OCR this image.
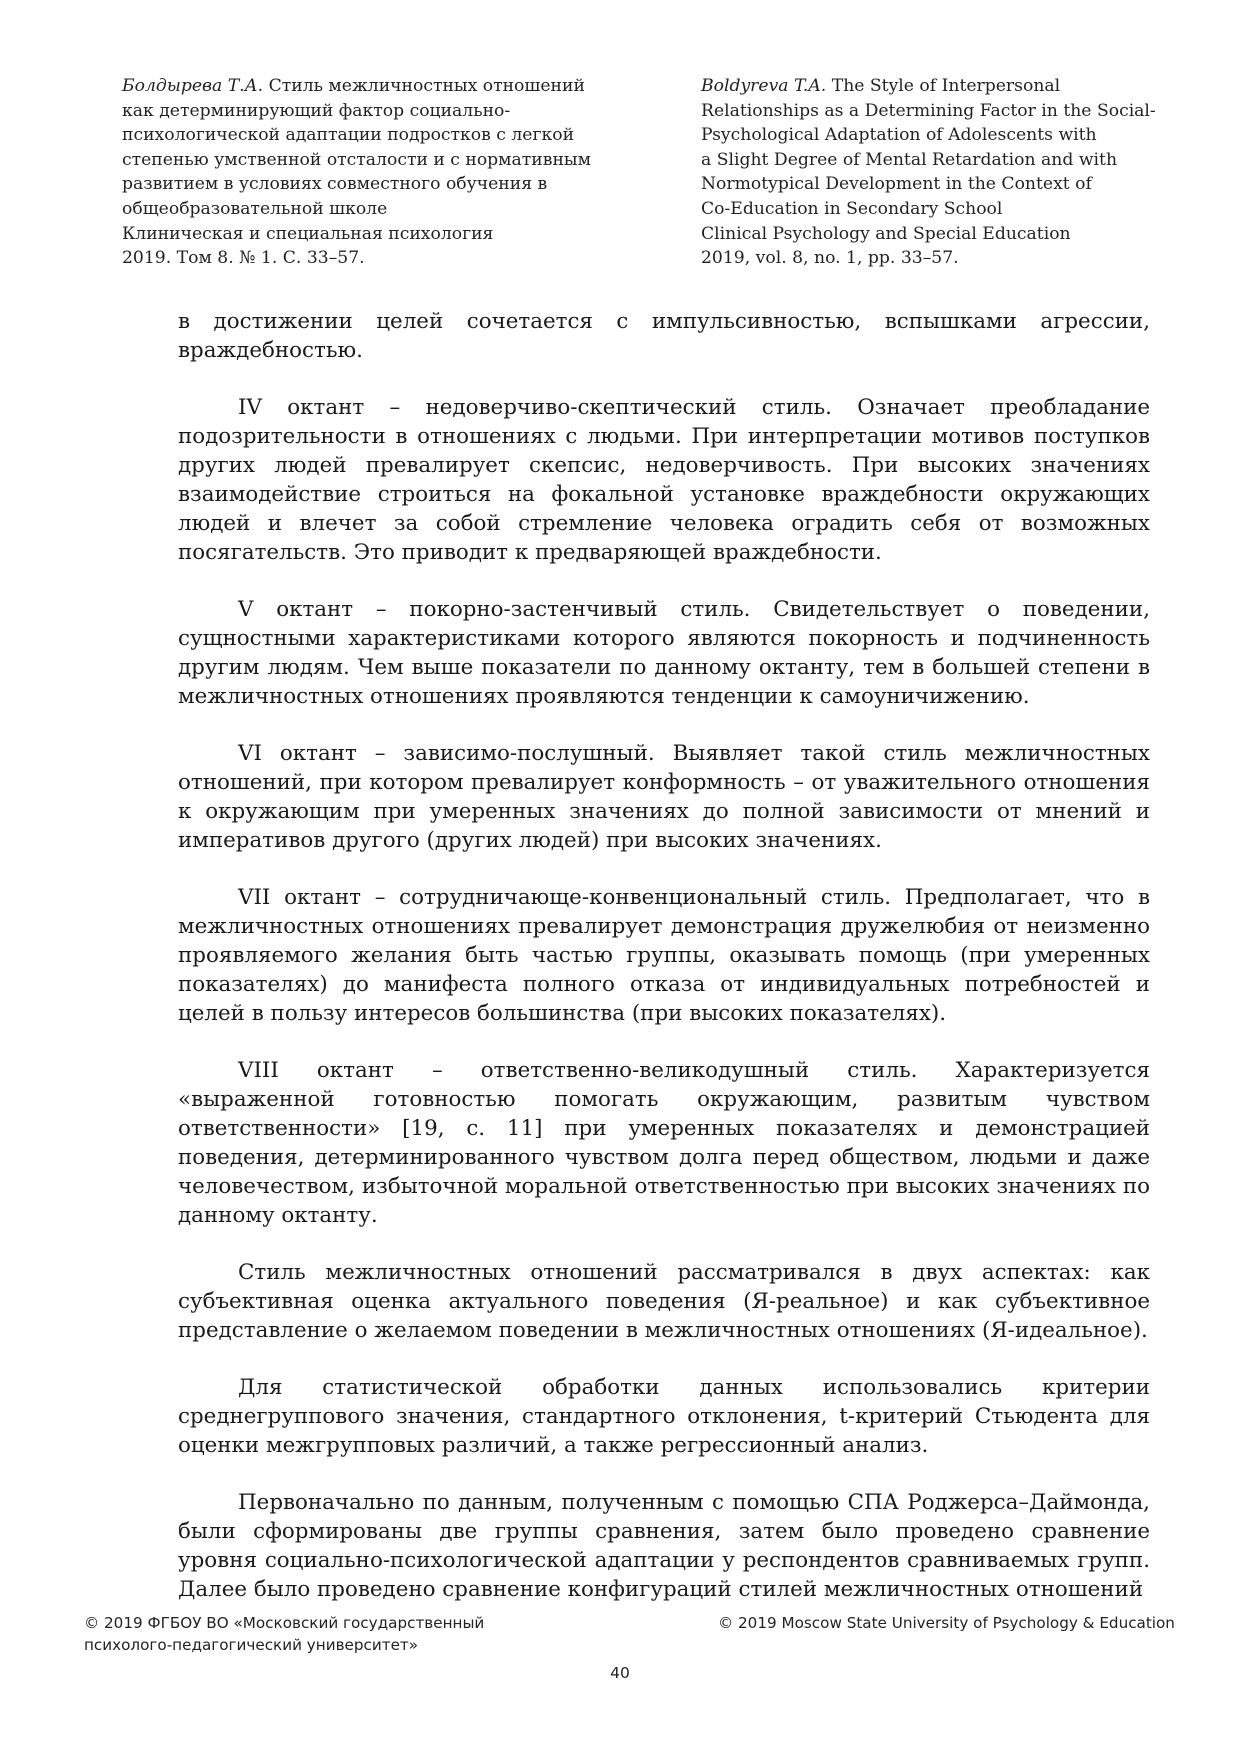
Болдырева Т.А. Стиль межличностных отношений
как детерминирующий фактор социально-
психологической адаптации подростков с легкой
степенью умственной отсталости и с нормативным
развитием в условиях совместного обучения в
общеобразовательной школе
Клиническая и специальная психология
2019. Том 8. № 1. С. 33–57.
Boldyreva T.A. The Style of Interpersonal
Relationships as a Determining Factor in the Social-
Psychological Adaptation of Adolescents with
a Slight Degree of Mental Retardation and with
Normotypical Development in the Context of
Co-Education in Secondary School
Clinical Psychology and Special Education
2019, vol. 8, no. 1, pp. 33–57.

в достижении целей сочетается с импульсивностью, вспышками агрессии, враждебностью.

IV октант – недоверчиво-скептический стиль. Означает преобладание подозрительности в отношениях с людьми. При интерпретации мотивов поступков других людей превалирует скепсис, недоверчивость. При высоких значениях взаимодействие строиться на фокальной установке враждебности окружающих людей и влечет за собой стремление человека оградить себя от возможных посягательств. Это приводит к предваряющей враждебности.

V октант – покорно-застенчивый стиль. Свидетельствует о поведении, сущностными характеристиками которого являются покорность и подчиненность другим людям. Чем выше показатели по данному октанту, тем в большей степени в межличностных отношениях проявляются тенденции к самоуничижению.

VI октант – зависимо-послушный. Выявляет такой стиль межличностных отношений, при котором превалирует конформность – от уважительного отношения к окружающим при умеренных значениях до полной зависимости от мнений и императивов другого (других людей) при высоких значениях.

VII октант – сотрудничающе-конвенциональный стиль. Предполагает, что в межличностных отношениях превалирует демонстрация дружелюбия от неизменно проявляемого желания быть частью группы, оказывать помощь (при умеренных показателях) до манифеста полного отказа от индивидуальных потребностей и целей в пользу интересов большинства (при высоких показателях).

VIII октант – ответственно-великодушный стиль. Характеризуется «выраженной готовностью помогать окружающим, развитым чувством ответственности» [19, с. 11] при умеренных показателях и демонстрацией поведения, детерминированного чувством долга перед обществом, людьми и даже человечеством, избыточной моральной ответственностью при высоких значениях по данному октанту.

Стиль межличностных отношений рассматривался в двух аспектах: как субъективная оценка актуального поведения (Я-реальное) и как субъективное представление о желаемом поведении в межличностных отношениях (Я-идеальное).

Для статистической обработки данных использовались критерии среднегруппового значения, стандартного отклонения, t-критерий Стьюдента для оценки межгрупповых различий, а также регрессионный анализ.

Первоначально по данным, полученным с помощью СПА Роджерса–Даймонда, были сформированы две группы сравнения, затем было проведено сравнение уровня социально-психологической адаптации у респондентов сравниваемых групп. Далее было проведено сравнение конфигураций стилей межличностных отношений

© 2019 ФГБОУ ВО «Московский государственный
психолого-педагогический университет»
© 2019 Moscow State University of Psychology & Education
40
